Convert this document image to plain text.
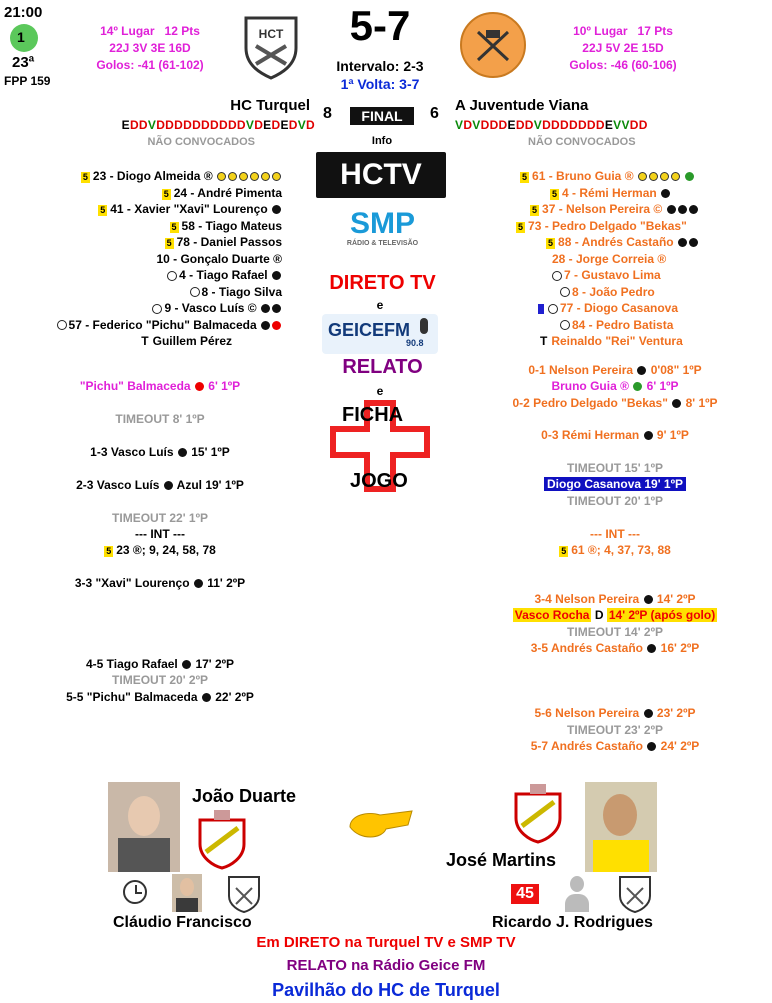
21:00
1
23ª
FPP 159
14º Lugar 12 Pts
22J 3V 3E 16D
Golos: -41 (61-102)
HCT	5-7
Intervalo: 2-3
1ª Volta: 3-7
10º Lugar 17 Pts
22J 5V 2E 15D
Golos: -46 (60-106)
HC Turquel 8	FINAL	6 A Juventude Viana
EDDVDDDDDDDDDDVDEDEDVD	VDVDDDEDDVDDDDDDDEVVDD
NÃO CONVOCADOS	NÃO CONVOCADOS
Info
5 23 - Diogo Almeida ®
5 24 - André Pimenta
5 41 - Xavier "Xavi" Lourenço
5 58 - Tiago Mateus
5 78 - Daniel Passos
10 - Gonçalo Duarte ®
4 - Tiago Rafael
8 - Tiago Silva
9 - Vasco Luís ©
57 - Federico "Pichu" Balmaceda
T Guillem Pérez
5 61 - Bruno Guia ®
5 4 - Rémi Herman
5 37 - Nelson Pereira ©
5 73 - Pedro Delgado "Bekas"
5 88 - Andrés Castaño
28 - Jorge Correia ®
7 - Gustavo Lima
8 - João Pedro
77 - Diogo Casanova
84 - Pedro Batista
T Reinaldo "Rei" Ventura
HCTV
SMP
RÁDIO & TELEVISÃO
DIRETO TV
e
GEICEFM
90.8
RELATO
e
FICHA
JOGO
"Pichu" Balmaceda 6' 1ºP
TIMEOUT 8' 1ºP
1-3 Vasco Luís 15' 1ºP
2-3 Vasco Luís Azul 19' 1ºP
TIMEOUT 22' 1ºP
--- INT ---
5 23 ®; 9, 24, 58, 78
3-3 "Xavi" Lourenço 11' 2ºP
4-5 Tiago Rafael 17' 2ºP
TIMEOUT 20' 2ºP
5-5 "Pichu" Balmaceda 22' 2ºP
0-1 Nelson Pereira 0'08" 1ºP
Bruno Guia ® 6' 1ºP
0-2 Pedro Delgado "Bekas" 8' 1ºP
0-3 Rémi Herman 9' 1ºP
TIMEOUT 15' 1ºP
Diogo Casanova 19' 1ºP
TIMEOUT 20' 1ºP
--- INT ---
5 61 ®; 4, 37, 73, 88
3-4 Nelson Pereira 14' 2ºP
Vasco Rocha D 14' 2ºP (após golo)
TIMEOUT 14' 2ºP
3-5 Andrés Castaño 16' 2ºP
5-6 Nelson Pereira 23' 2ºP
TIMEOUT 23' 2ºP
5-7 Andrés Castaño 24' 2ºP
João Duarte
José Martins
Cláudio Francisco
45
Ricardo J. Rodrigues
Em DIRETO na Turquel TV e SMP TV
RELATO na Rádio Geice FM
Pavilhão do HC de Turquel
